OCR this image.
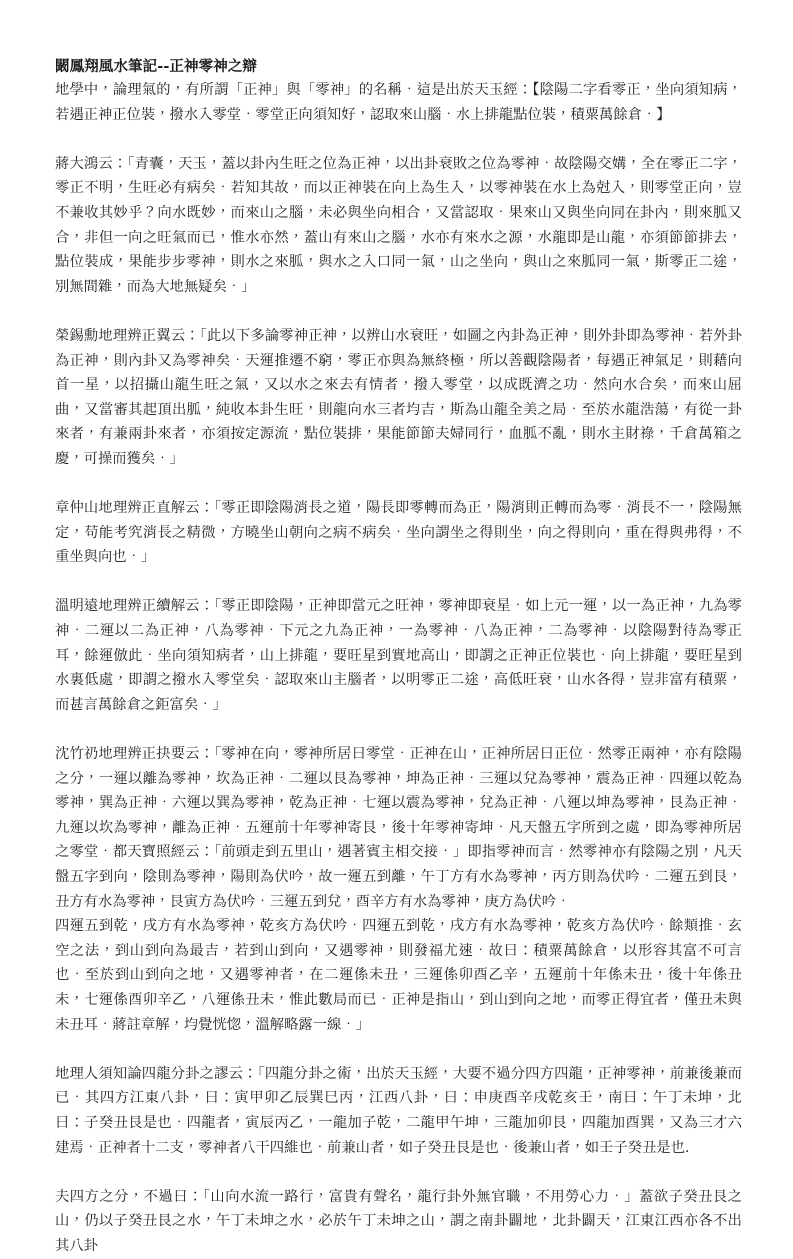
闞鳳翔風水筆記--正神零神之辯

地學中，論理氣的，有所謂「正神」與「零神」的名稱．這是出於天玉經：【陰陽二字看零正，坐向須知病，若遇正神正位裝，撥水入零堂．零堂正向須知好，認取來山腦．水上排龍點位裝，積粟萬餘倉．】

蔣大鴻云：「青囊，天玉，蓋以卦內生旺之位為正神，以出卦衰敗之位為零神．故陰陽交媾，全在零正二字，零正不明，生旺必有病矣．若知其故，而以正神裝在向上為生入，以零神裝在水上為尅入，則零堂正向，豈不兼收其妙乎？向水既妙，而來山之腦，未必與坐向相合，又當認取．果來山又與坐向同在卦內，則來胍又合，非但一向之旺氣而已，惟水亦然，蓋山有來山之腦，水亦有來水之源，水龍即是山龍，亦須節節排去，點位裝成，果能步步零神，則水之來胍，與水之入口同一氣，山之坐向，與山之來胍同一氣，斯零正二途，別無間雜，而為大地無疑矣．」

榮錫勳地理辨正翼云：「此以下多論零神正神，以辨山水衰旺，如圖之內卦為正神，則外卦即為零神．若外卦為正神，則內卦又為零神矣．天運推遷不窮，零正亦與為無終極，所以善觀陰陽者，每遇正神氣足，則藉向首一星，以招攝山龍生旺之氣，又以水之來去有情者，撥入零堂，以成既濟之功．然向水合矣，而來山屈曲，又當審其起頂出胍，純收本卦生旺，則龍向水三者均吉，斯為山龍全美之局．至於水龍浩蕩，有從一卦來者，有兼兩卦來者，亦須按定源流，點位裝排，果能節節夫婦同行，血胍不亂，則水主財祿，千倉萬箱之慶，可操而獲矣．」

章仲山地理辨正直解云：「零正即陰陽消長之道，陽長即零轉而為正，陽消則正轉而為零．消長不一，陰陽無定，苟能考究消長之精微，方曉坐山朝向之病不病矣．坐向謂坐之得則坐，向之得則向，重在得與弗得，不重坐與向也．」

溫明遠地理辨正續解云：「零正即陰陽，正神即當元之旺神，零神即衰星．如上元一運，以一為正神，九為零神．二運以二為正神，八為零神．下元之九為正神，一為零神．八為正神，二為零神．以陰陽對待為零正耳，餘運倣此．坐向須知病者，山上排龍，要旺星到實地高山，即謂之正神正位裝也．向上排龍，要旺星到水裏低處，即謂之撥水入零堂矣．認取來山主腦者，以明零正二途，高低旺衰，山水各得，豈非富有積粟，而甚言萬餘倉之鉅富矣．」

沈竹礽地理辨正抉要云：「零神在向，零神所居曰零堂．正神在山，正神所居曰正位．然零正兩神，亦有陰陽之分，一運以離為零神，坎為正神．二運以艮為零神，坤為正神．三運以兌為零神，震為正神．四運以乾為零神，巽為正神．六運以巽為零神，乾為正神．七運以震為零神，兌為正神．八運以坤為零神，艮為正神．九運以坎為零神，離為正神．五運前十年零神寄艮，後十年零神寄坤．凡天盤五字所到之處，即為零神所居之零堂．都天寶照經云：「前頭走到五里山，遇著賓主相交接．」即指零神而言．然零神亦有陰陽之別，凡天盤五字到向，陰則為零神，陽則為伏吟，故一運五到離，午丁方有水為零神，丙方則為伏吟．二運五到艮，丑方有水為零神，艮寅方為伏吟．三運五到兌，酉辛方有水為零神，庚方為伏吟．

四運五到乾，戌方有水為零神，乾亥方為伏吟．四運五到乾，戌方有水為零神，乾亥方為伏吟．餘類推．玄空之法，到山到向為最吉，若到山到向，又遇零神，則發福尤速．故曰：積粟萬餘倉，以形容其富不可言也．至於到山到向之地，又遇零神者，在二運係未丑，三運係卯酉乙辛，五運前十年係未丑，後十年係丑未，七運係酉卯辛乙，八運係丑未，惟此數局而已．正神是指山，到山到向之地，而零正得宜者，僅丑未與未丑耳．蔣註章解，均覺恍惚，溫解略露一線．」

地理人須知論四龍分卦之謬云：「四龍分卦之術，出於天玉經，大要不過分四方四龍，正神零神，前兼後兼而已．其四方江東八卦，曰：寅甲卯乙辰巽巳丙，江西八卦，曰：申庚酉辛戌乾亥壬，南曰：午丁未坤，北曰：子癸丑艮是也．四龍者，寅辰丙乙，一龍加子乾，二龍甲午坤，三龍加卯艮，四龍加酉巽，又為三才六建焉．正神者十二支，零神者八干四維也．前兼山者，如子癸丑艮是也．後兼山者，如壬子癸丑是也.

夫四方之分，不過曰：「山向水流一路行，富貴有聲名，龍行卦外無官職，不用勞心力．」蓋欲子癸丑艮之山，仍以子癸丑艮之水，午丁未坤之水，必於午丁未坤之山，謂之南卦闢地，北卦闢天，江東江西亦各不出其八卦
